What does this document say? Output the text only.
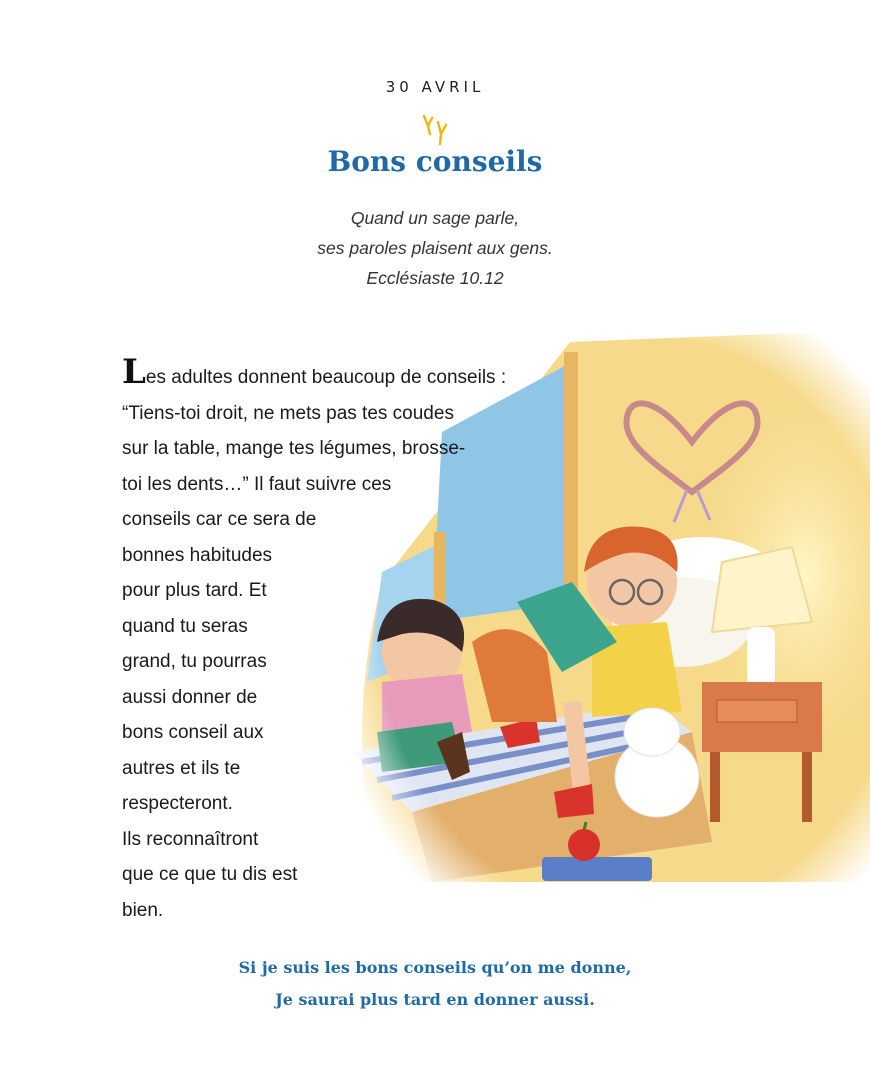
30 AVRIL
Bons conseils
Quand un sage parle,
ses paroles plaisent aux gens.
Ecclésiaste 10.12
Les adultes donnent beaucoup de conseils :
“Tiens-toi droit, ne mets pas tes coudes
sur la table, mange tes légumes, brosse-
toi les dents…” Il faut suivre ces
conseils car ce sera de
bonnes habitudes
pour plus tard. Et
quand tu seras
grand, tu pourras
aussi donner de
bons conseil aux
autres et ils te
respecteront.
Ils reconnaîtront
que ce que tu dis est
bien.
Si je suis les bons conseils qu’on me donne,
Je saurai plus tard en donner aussi.
